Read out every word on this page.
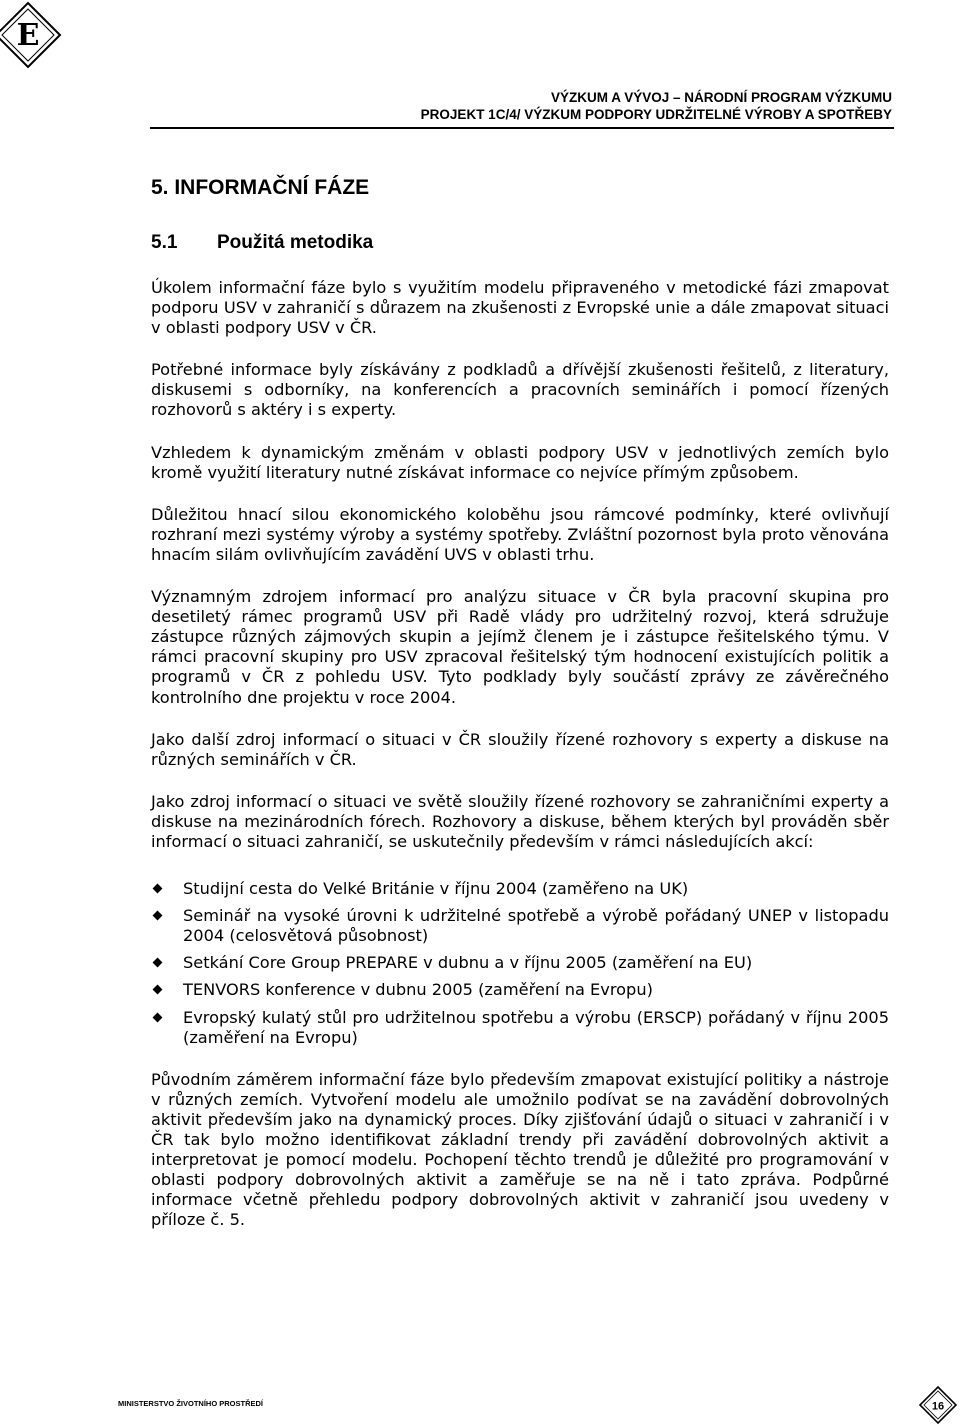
E
VÝZKUM A VÝVOJ – NÁRODNÍ PROGRAM VÝZKUMU
PROJEKT 1C/4/ VÝZKUM PODPORY UDRŽITELNÉ VÝROBY A SPOTŘEBY
5. INFORMAČNÍ FÁZE
5.1 Použitá metodika

Úkolem informační fáze bylo s využitím modelu připraveného v metodické fázi zmapovat podporu USV v zahraničí s důrazem na zkušenosti z Evropské unie a dále zmapovat situaci v oblasti podpory USV v ČR.

Potřebné informace byly získávány z podkladů a dřívější zkušenosti řešitelů, z literatury, diskusemi s odborníky, na konferencích a pracovních seminářích i pomocí řízených rozhovorů s aktéry i s experty.

Vzhledem k dynamickým změnám v oblasti podpory USV v jednotlivých zemích bylo kromě využití literatury nutné získávat informace co nejvíce přímým způsobem.

Důležitou hnací silou ekonomického koloběhu jsou rámcové podmínky, které ovlivňují rozhraní mezi systémy výroby a systémy spotřeby. Zvláštní pozornost byla proto věnována hnacím silám ovlivňujícím zavádění UVS v oblasti trhu.

Významným zdrojem informací pro analýzu situace v ČR byla pracovní skupina pro desetiletý rámec programů USV při Radě vlády pro udržitelný rozvoj, která sdružuje zástupce různých zájmových skupin a jejímž členem je i zástupce řešitelského týmu. V rámci pracovní skupiny pro USV zpracoval řešitelský tým hodnocení existujících politik a programů v ČR z pohledu USV. Tyto podklady byly součástí zprávy ze závěrečného kontrolního dne projektu v roce 2004.

Jako další zdroj informací o situaci v ČR sloužily řízené rozhovory s experty a diskuse na různých seminářích v ČR.

Jako zdroj informací o situaci ve světě sloužily řízené rozhovory se zahraničními experty a diskuse na mezinárodních fórech. Rozhovory a diskuse, během kterých byl prováděn sběr informací o situaci zahraničí, se uskutečnily především v rámci následujících akcí:

Studijní cesta do Velké Británie v říjnu 2004 (zaměřeno na UK)
Seminář na vysoké úrovni k udržitelné spotřebě a výrobě pořádaný UNEP v listopadu 2004 (celosvětová působnost)
Setkání Core Group PREPARE v dubnu a v říjnu 2005 (zaměření na EU)
TENVORS konference v dubnu 2005 (zaměření na Evropu)
Evropský kulatý stůl pro udržitelnou spotřebu a výrobu (ERSCP) pořádaný v říjnu 2005 (zaměření na Evropu)

Původním záměrem informační fáze bylo především zmapovat existující politiky a nástroje v různých zemích. Vytvoření modelu ale umožnilo podívat se na zavádění dobrovolných aktivit především jako na dynamický proces. Díky zjišťování údajů o situaci v zahraničí i v ČR tak bylo možno identifikovat základní trendy při zavádění dobrovolných aktivit a interpretovat je pomocí modelu. Pochopení těchto trendů je důležité pro programování v oblasti podpory dobrovolných aktivit a zaměřuje se na ně i tato zpráva. Podpůrné informace včetně přehledu podpory dobrovolných aktivit v zahraničí jsou uvedeny v příloze č. 5.

MINISTERSTVO ŽIVOTNÍHO PROSTŘEDÍ	16
